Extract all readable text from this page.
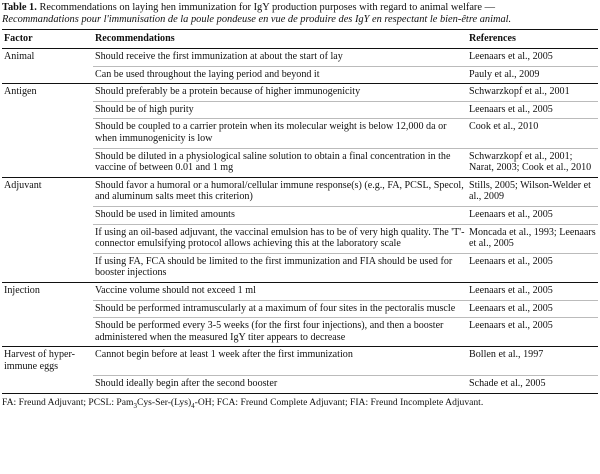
Table 1. Recommendations on laying hen immunization for IgY production purposes with regard to animal welfare —
Recommandations pour l'immunisation de la poule pondeuse en vue de produire des IgY en respectant le bien-être animal.
Factor	Recommendations	References
Animal	Should receive the first immunization at about the start of lay	Leenaars et al., 2005
	Can be used throughout the laying period and beyond it	Pauly et al., 2009
Antigen	Should preferably be a protein because of higher immunogenicity	Schwarzkopf et al., 2001
	Should be of high purity	Leenaars et al., 2005
	Should be coupled to a carrier protein when its molecular weight is below 12,000 da or when immunogenicity is low	Cook et al., 2010
	Should be diluted in a physiological saline solution to obtain a final concentration in the vaccine of between 0.01 and 1 mg	Schwarzkopf et al., 2001; Narat, 2003; Cook et al., 2010
Adjuvant	Should favor a humoral or a humoral/cellular immune response(s) (e.g., FA, PCSL, Specol, and aluminum salts meet this criterion)	Stills, 2005; Wilson-Welder et al., 2009
	Should be used in limited amounts	Leenaars et al., 2005
	If using an oil-based adjuvant, the vaccinal emulsion has to be of very high quality. The 'T'-connector emulsifying protocol allows achieving this at the laboratory scale	Moncada et al., 1993; Leenaars et al., 2005
	If using FA, FCA should be limited to the first immunization and FIA should be used for booster injections	Leenaars et al., 2005
Injection	Vaccine volume should not exceed 1 ml	Leenaars et al., 2005
	Should be performed intramuscularly at a maximum of four sites in the pectoralis muscle	Leenaars et al., 2005
	Should be performed every 3-5 weeks (for the first four injections), and then a booster administered when the measured IgY titer appears to decrease	Leenaars et al., 2005
Harvest of hyper-immune eggs	Cannot begin before at least 1 week after the first immunization	Bollen et al., 1997
	Should ideally begin after the second booster	Schade et al., 2005
FA: Freund Adjuvant; PCSL: $Pam_3Cys-Ser-(Lys)_4-OH$; FCA: Freund Complete Adjuvant; FIA: Freund Incomplete Adjuvant.
